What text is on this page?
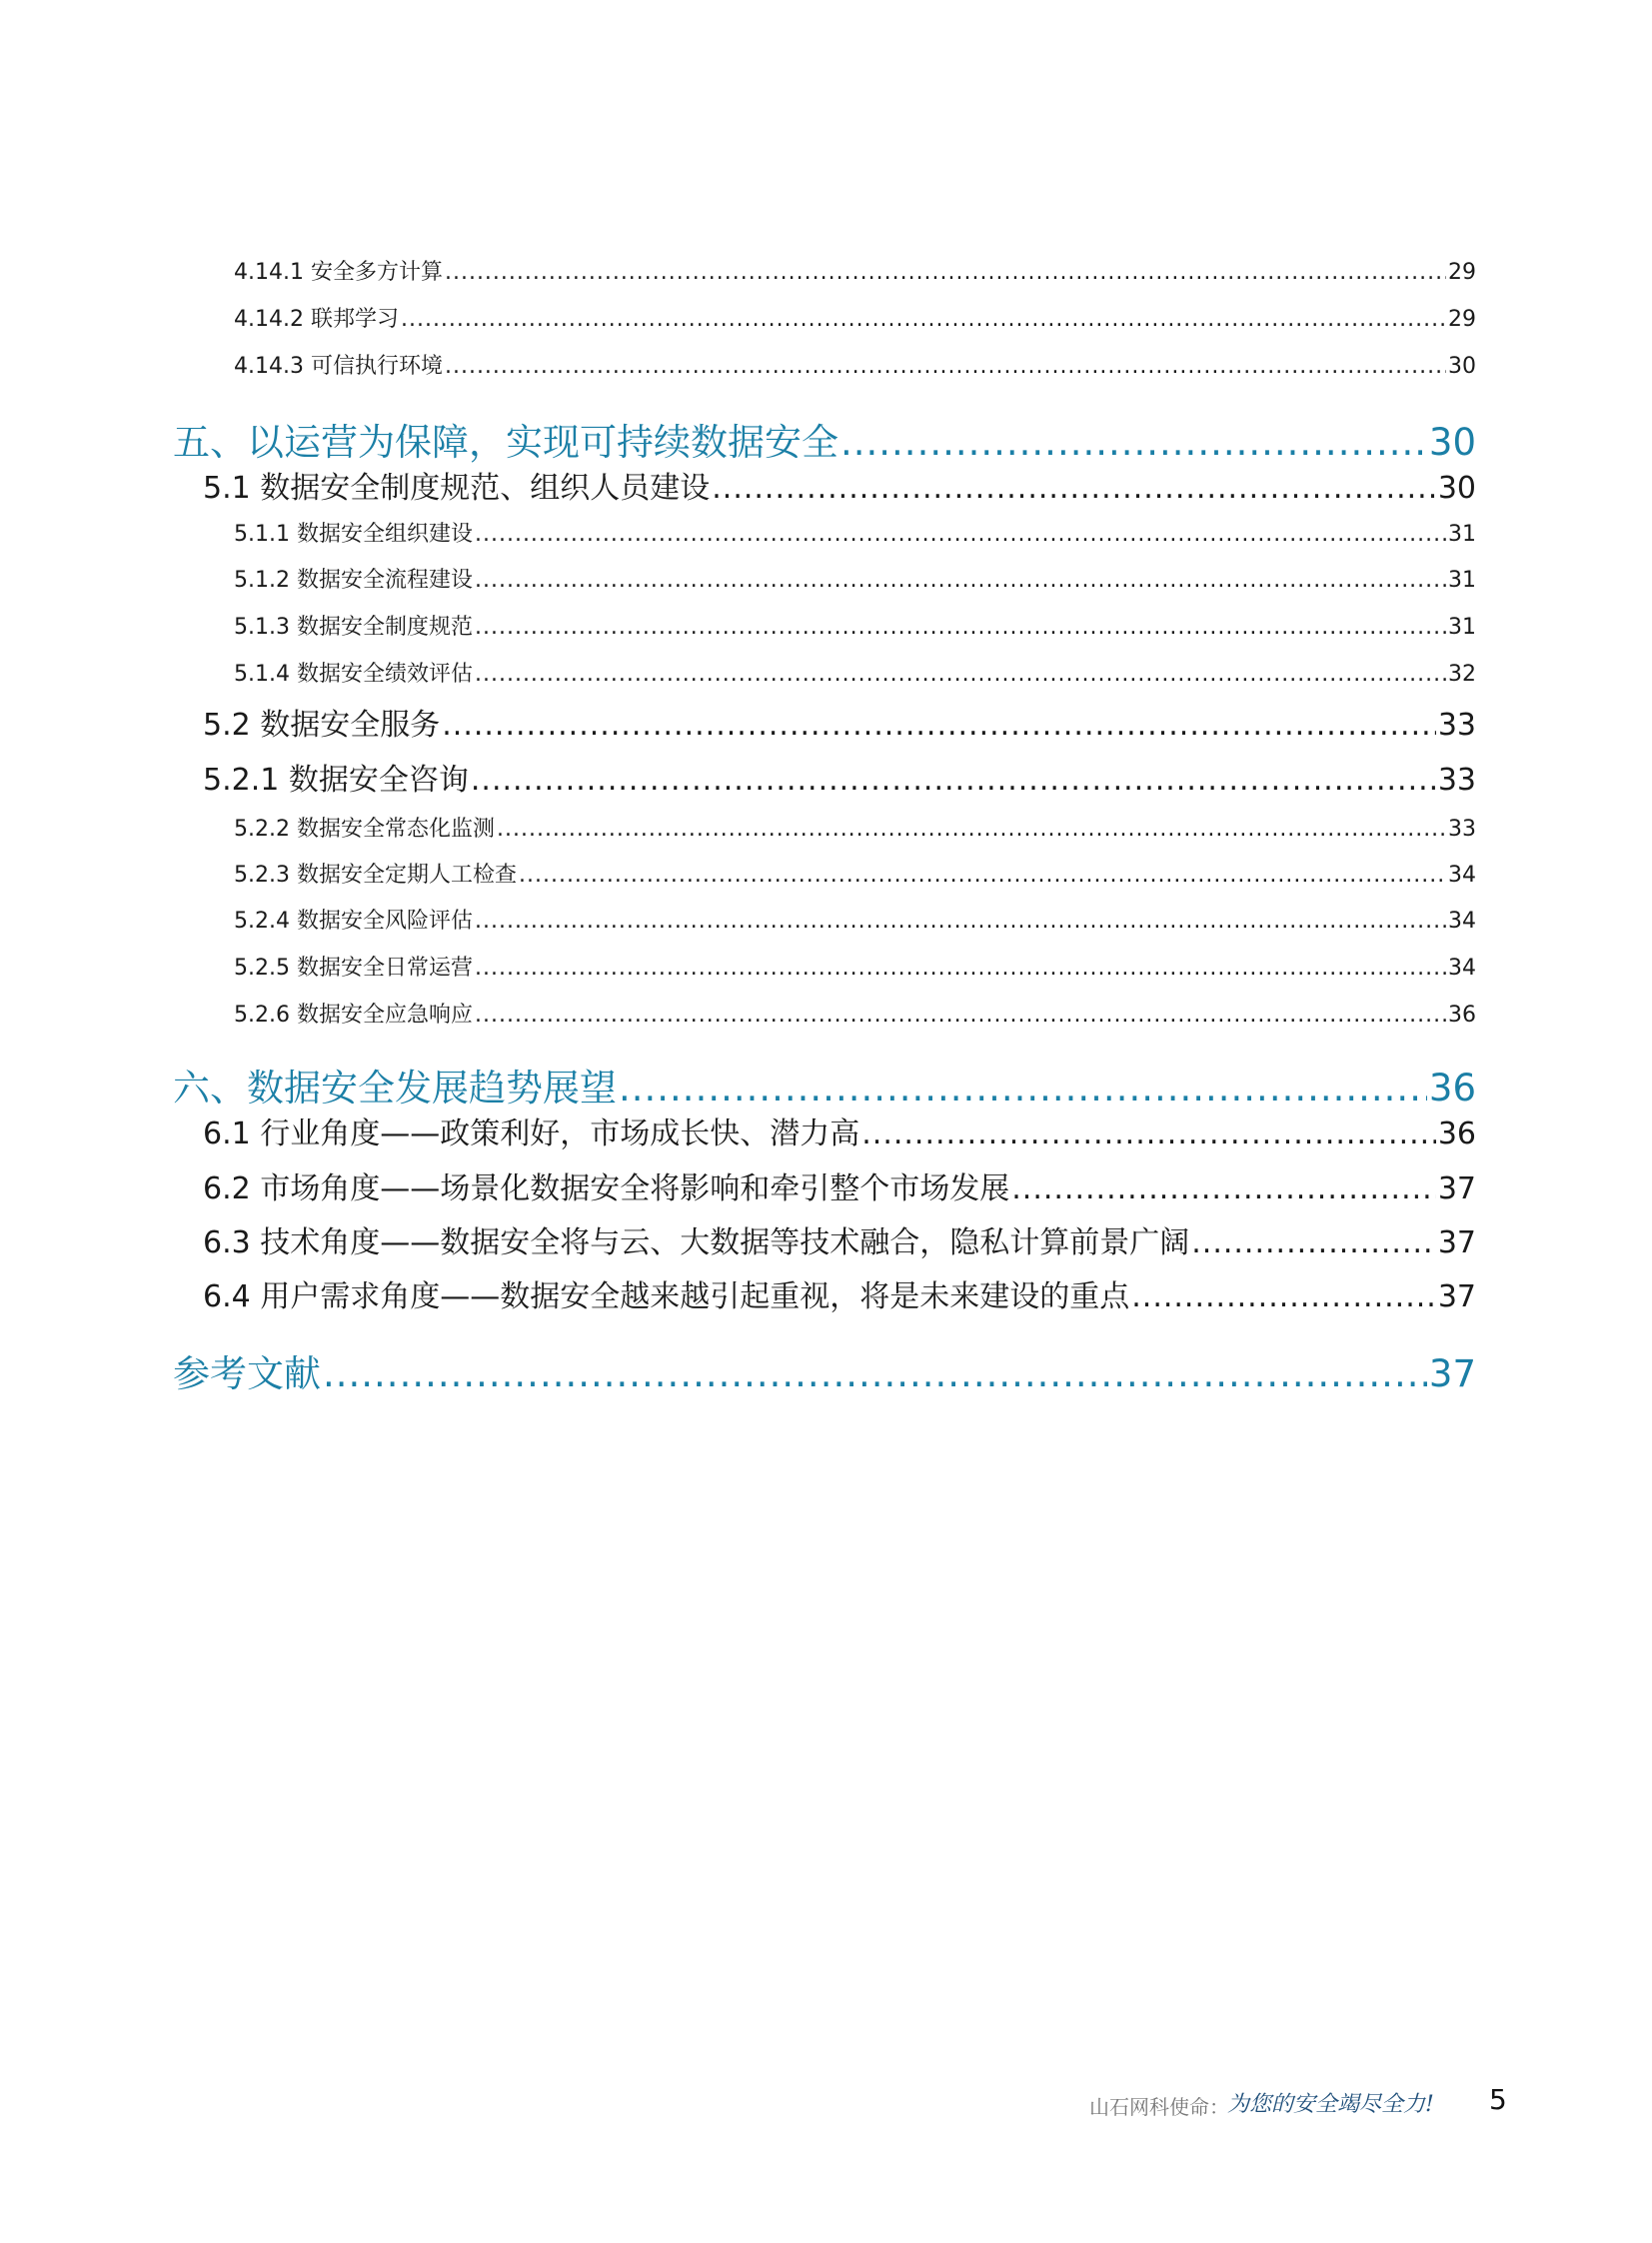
4.14.1 安全多方计算 .....	29
4.14.2 联邦学习 .....	29
4.14.3 可信执行环境 .....	30
五、以运营为保障，实现可持续数据安全 .....	30
5.1 数据安全制度规范、组织人员建设 .....	30
5.1.1 数据安全组织建设 .....	31
5.1.2 数据安全流程建设 .....	31
5.1.3 数据安全制度规范 .....	31
5.1.4 数据安全绩效评估 .....	32
5.2 数据安全服务 .....	33
5.2.1 数据安全咨询 .....	33
5.2.2 数据安全常态化监测 .....	33
5.2.3 数据安全定期人工检查 .....	34
5.2.4 数据安全风险评估 .....	34
5.2.5 数据安全日常运营 .....	34
5.2.6 数据安全应急响应 .....	36
六、数据安全发展趋势展望 .....	36
6.1 行业角度——政策利好，市场成长快、潜力高 .....	36
6.2 市场角度——场景化数据安全将影响和牵引整个市场发展 .....	37
6.3 技术角度——数据安全将与云、大数据等技术融合，隐私计算前景广阔 .....	37
6.4 用户需求角度——数据安全越来越引起重视，将是未来建设的重点 .....	37
参考文献 .....	37
山石网科使命：
为您的安全竭尽全力! 5
